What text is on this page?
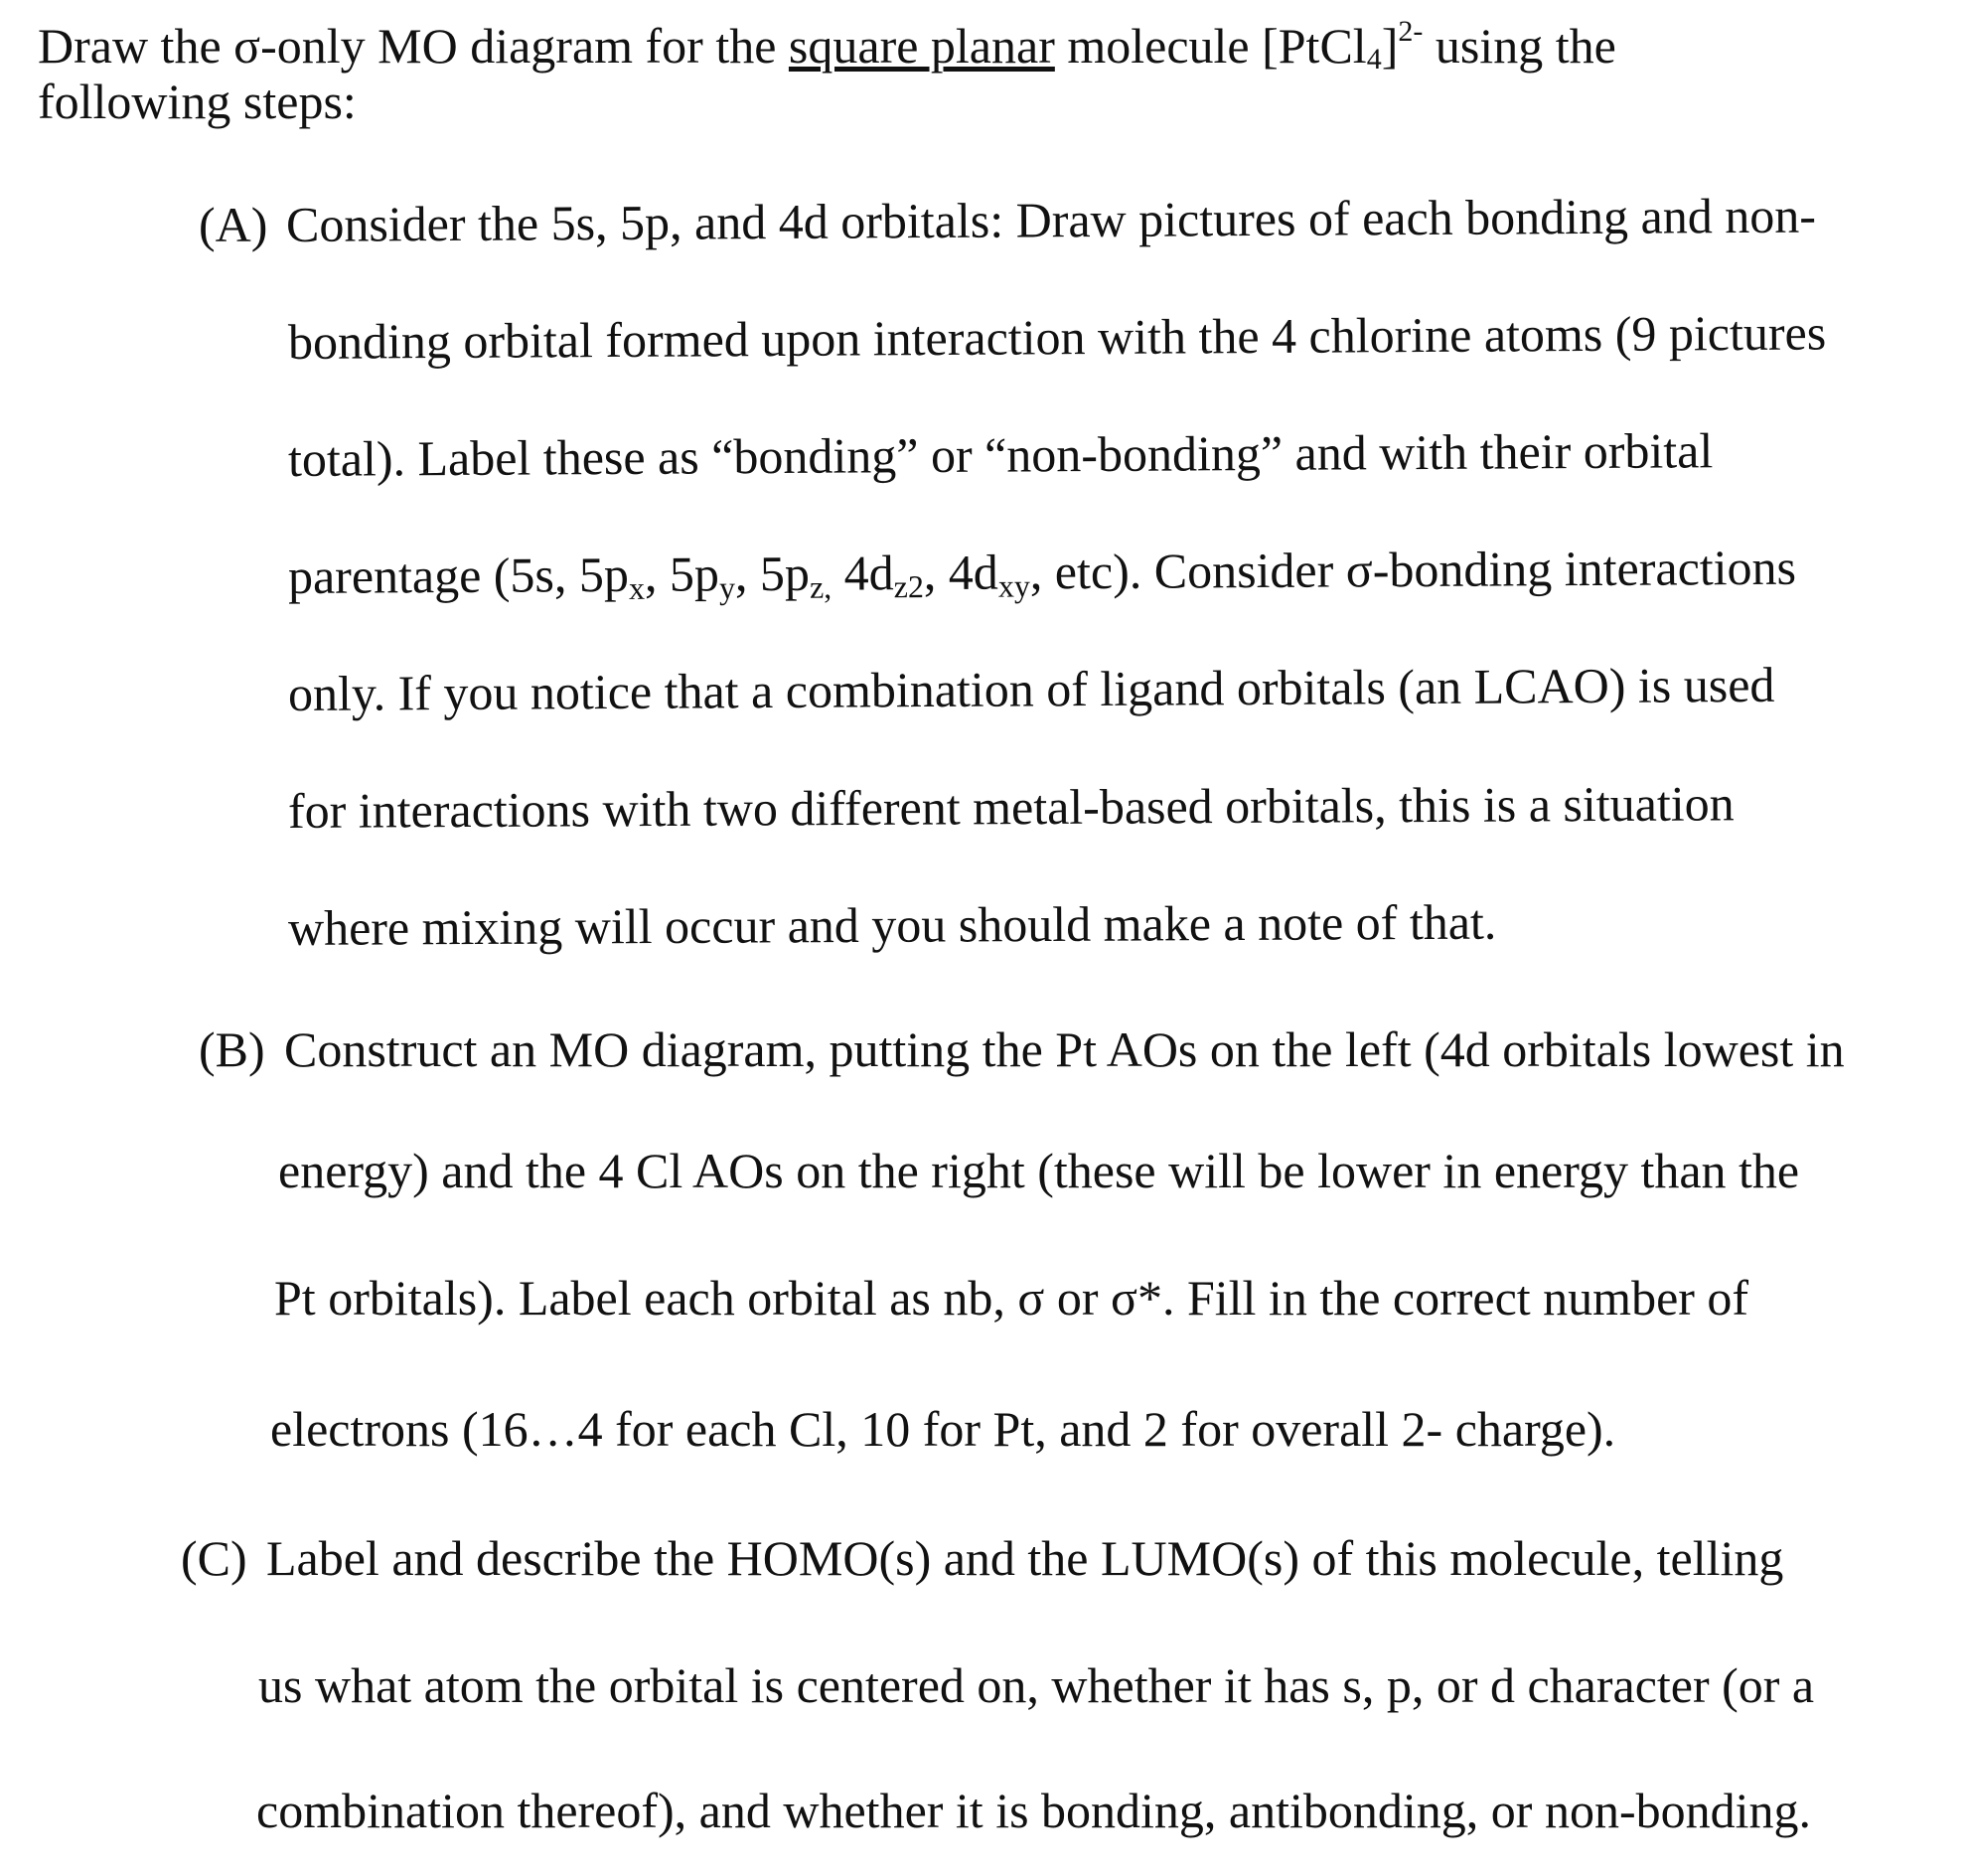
Draw the σ-only MO diagram for the square planar molecule [PtCl$_4$]$^{2-}$ using the
following steps:
(A) Consider the 5s, 5p, and 4d orbitals: Draw pictures of each bonding and non-
bonding orbital formed upon interaction with the 4 chlorine atoms (9 pictures
total). Label these as “bonding” or “non-bonding” and with their orbital
parentage (5s, $5p_x$, $5p_y$, $5p_{z,}$ $4d_{z2}$, $4d_{xy}$, etc). Consider σ-bonding interactions
only. If you notice that a combination of ligand orbitals (an LCAO) is used
for interactions with two different metal-based orbitals, this is a situation
where mixing will occur and you should make a note of that.
(B) Construct an MO diagram, putting the Pt AOs on the left (4d orbitals lowest in
energy) and the 4 Cl AOs on the right (these will be lower in energy than the
Pt orbitals). Label each orbital as nb, σ or σ*. Fill in the correct number of
electrons (16…4 for each Cl, 10 for Pt, and 2 for overall 2- charge).
(C) Label and describe the HOMO(s) and the LUMO(s) of this molecule, telling
us what atom the orbital is centered on, whether it has s, p, or d character (or a
combination thereof), and whether it is bonding, antibonding, or non-bonding.
